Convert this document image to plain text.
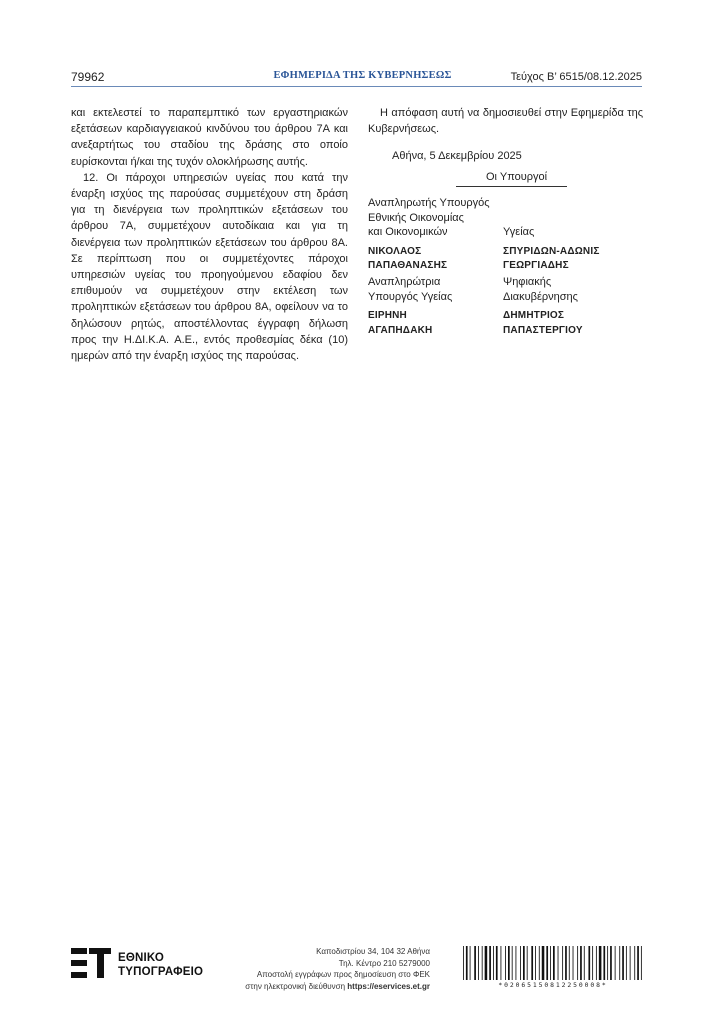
79962	ΕΦΗΜΕΡΙΔΑ ΤΗΣ ΚΥΒΕΡΝΗΣΕΩΣ	Τεύχος Β’ 6515/08.12.2025

και εκτελεστεί το παραπεμπτικό των εργαστηριακών εξετάσεων καρδιαγγειακού κινδύνου του άρθρου 7Α και ανεξαρτήτως του σταδίου της δράσης στο οποίο ευρίσκονται ή/και της τυχόν ολοκλήρωσης αυτής.

12. Οι πάροχοι υπηρεσιών υγείας που κατά την έναρξη ισχύος της παρούσας συμμετέχουν στη δράση για τη διενέργεια των προληπτικών εξετάσεων του άρθρου 7Α, συμμετέχουν αυτοδίκαια και για τη διενέργεια των προληπτικών εξετάσεων του άρθρου 8Α. Σε περίπτωση που οι συμμετέχοντες πάροχοι υπηρεσιών υγείας του προηγούμενου εδαφίου δεν επιθυμούν να συμμετέχουν στην εκτέλεση των προληπτικών εξετάσεων του άρθρου 8Α, οφείλουν να το δηλώσουν ρητώς, αποστέλλοντας έγγραφη δήλωση προς την Η.ΔΙ.Κ.Α. Α.Ε., εντός προθεσμίας δέκα (10) ημερών από την έναρξη ισχύος της παρούσας.

Η απόφαση αυτή να δημοσιευθεί στην Εφημερίδα της Κυβερνήσεως.

Αθήνα, 5 Δεκεμβρίου 2025
Οι Υπουργοί
Αναπληρωτής Υπουργός
Εθνικής Οικονομίας
και Οικονομικών
ΝΙΚΟΛΑΟΣ
ΠΑΠΑΘΑΝΑΣΗΣ
Υγείας
ΣΠΥΡΙΔΩΝ-ΑΔΩΝΙΣ
ΓΕΩΡΓΙΑΔΗΣ
Αναπληρώτρια
Υπουργός Υγείας
ΕΙΡΗΝΗ
ΑΓΑΠΗΔΑΚΗ
Ψηφιακής
Διακυβέρνησης
ΔΗΜΗΤΡΙΟΣ
ΠΑΠΑΣΤΕΡΓΙΟΥ
ΕΘΝΙΚΟ
ΤΥΠΟΓΡΑΦΕΙΟ
Καποδιστρίου 34, 104 32 Αθήνα
Τηλ. Κέντρο 210 5279000
Αποστολή εγγράφων προς δημοσίευση στο ΦΕΚ
στην ηλεκτρονική διεύθυνση https://eservices.et.gr	*02065150812250008*
